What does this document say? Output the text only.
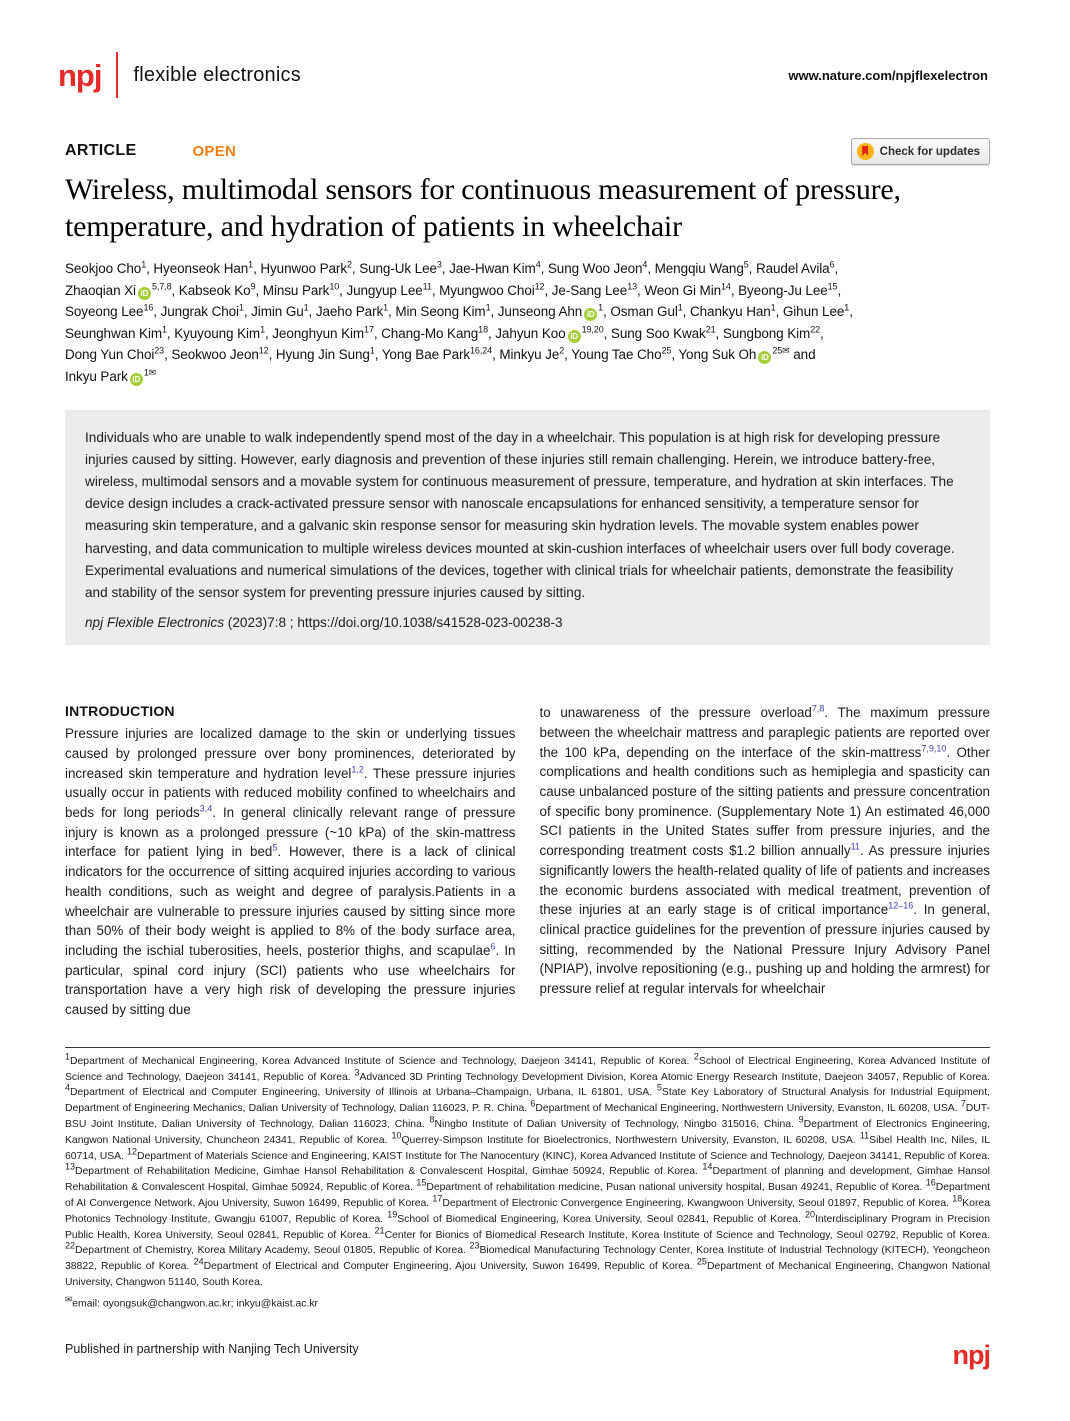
npj flexible electronics	www.nature.com/npjflexelectron
ARTICLE	OPEN	Check for updates
Wireless, multimodal sensors for continuous measurement of pressure, temperature, and hydration of patients in wheelchair
Seokjoo Cho$^1$, Hyeonseok Han$^1$, Hyunwoo Park$^2$, Sung-Uk Lee$^3$, Jae-Hwan Kim$^4$, Sung Woo Jeon$^4$, Mengqiu Wang$^5$, Raudel Avila$^6$,
Zhaoqian Xi iD$^{5,7,8}$, Kabseok Ko$^9$, Minsu Park$^{10}$, Jungyup Lee$^{11}$, Myungwoo Choi$^{12}$, Je-Sang Lee$^{13}$, Weon Gi Min$^{14}$, Byeong-Ju Lee$^{15}$,
Soyeong Lee$^{16}$, Jungrak Choi$^1$, Jimin Gu$^1$, Jaeho Park$^1$, Min Seong Kim$^1$, Junseong Ahn $iD^1$, Osman Gul$^1$, Chankyu Han$^1$, Gihun Lee$^1$,
Seunghwan Kim$^1$, Kyuyoung Kim$^1$, Jeonghyun Kim$^{17}$, Chang-Mo Kang$^{18}$, Jahyun Koo iD$^{19,20}$, Sung Soo Kwak$^{21}$, Sungbong Kim$^{22}$,
Dong Yun Choi$^{23}$, Seokwoo Jeon$^{12}$, Hyung Jin Sung$^1$, Yong Bae Park$^{16,24}$, Minkyu Je$^2$, Young Tae Cho$^{25}$, Yong Suk Oh $iD^{25✉}$ and
Inkyu Park $iD^{1✉}$
Individuals who are unable to walk independently spend most of the day in a wheelchair. This population is at high risk for developing pressure injuries caused by sitting. However, early diagnosis and prevention of these injuries still remain challenging. Herein, we introduce battery-free, wireless, multimodal sensors and a movable system for continuous measurement of pressure, temperature, and hydration at skin interfaces. The device design includes a crack-activated pressure sensor with nanoscale encapsulations for enhanced sensitivity, a temperature sensor for measuring skin temperature, and a galvanic skin response sensor for measuring skin hydration levels. The movable system enables power harvesting, and data communication to multiple wireless devices mounted at skin-cushion interfaces of wheelchair users over full body coverage. Experimental evaluations and numerical simulations of the devices, together with clinical trials for wheelchair patients, demonstrate the feasibility and stability of the sensor system for preventing pressure injuries caused by sitting.
npj Flexible Electronics (2023)7:8 ; https://doi.org/10.1038/s41528-023-00238-3
INTRODUCTION
Pressure injuries are localized damage to the skin or underlying tissues caused by prolonged pressure over bony prominences, deteriorated by increased skin temperature and hydration level$^{1,2}$. These pressure injuries usually occur in patients with reduced mobility confined to wheelchairs and beds for long periods$^{3,4}$. In general clinically relevant range of pressure injury is known as a prolonged pressure (~10 kPa) of the skin-mattress interface for patient lying in bed$^5$. However, there is a lack of clinical indicators for the occurrence of sitting acquired injuries according to various health conditions, such as weight and degree of paralysis.Patients in a wheelchair are vulnerable to pressure injuries caused by sitting since more than 50% of their body weight is applied to 8% of the body surface area, including the ischial tuberosities, heels, posterior thighs, and scapulae$^6$. In particular, spinal cord injury (SCI) patients who use wheelchairs for transportation have a very high risk of developing the pressure injuries caused by sitting due
to unawareness of the pressure overload$^{7,8}$. The maximum pressure between the wheelchair mattress and paraplegic patients are reported over the 100 kPa, depending on the interface of the skin-mattress$^{7,9,10}$. Other complications and health conditions such as hemiplegia and spasticity can cause unbalanced posture of the sitting patients and pressure concentration of specific bony prominence. (Supplementary Note 1) An estimated 46,000 SCI patients in the United States suffer from pressure injuries, and the corresponding treatment costs $1.2 billion annually$^{11}$. As pressure injuries significantly lowers the health-related quality of life of patients and increases the economic burdens associated with medical treatment, prevention of these injuries at an early stage is of critical importance$^{12-16}$. In general, clinical practice guidelines for the prevention of pressure injuries caused by sitting, recommended by the National Pressure Injury Advisory Panel (NPIAP), involve repositioning (e.g., pushing up and holding the armrest) for pressure relief at regular intervals for wheelchair
$^1$Department of Mechanical Engineering, Korea Advanced Institute of Science and Technology, Daejeon 34141, Republic of Korea. $^2$School of Electrical Engineering, Korea Advanced Institute of Science and Technology, Daejeon 34141, Republic of Korea. $^3$Advanced 3D Printing Technology Development Division, Korea Atomic Energy Research Institute, Daejeon 34057, Republic of Korea. $^4$Department of Electrical and Computer Engineering, University of Illinois at Urbana–Champaign, Urbana, IL 61801, USA. $^5$State Key Laboratory of Structural Analysis for Industrial Equipment, Department of Engineering Mechanics, Dalian University of Technology, Dalian 116023, P. R. China. $^6$Department of Mechanical Engineering, Northwestern University, Evanston, IL 60208, USA. $^7$DUT-BSU Joint Institute, Dalian University of Technology, Dalian 116023, China. $^8$Ningbo Institute of Dalian University of Technology, Ningbo 315016, China. $^9$Department of Electronics Engineering, Kangwon National University, Chuncheon 24341, Republic of Korea. $^{10}$Querrey-Simpson Institute for Bioelectronics, Northwestern University, Evanston, IL 60208, USA. $^{11}$Sibel Health Inc, Niles, IL 60714, USA. $^{12}$Department of Materials Science and Engineering, KAIST Institute for The Nanocentury (KINC), Korea Advanced Institute of Science and Technology, Daejeon 34141, Republic of Korea. $^{13}$Department of Rehabilitation Medicine, Gimhae Hansol Rehabilitation & Convalescent Hospital, Gimhae 50924, Republic of Korea. $^{14}$Department of planning and development, Gimhae Hansol Rehabilitation & Convalescent Hospital, Gimhae 50924, Republic of Korea. $^{15}$Department of rehabilitation medicine, Pusan national university hospital, Busan 49241, Republic of Korea. $^{16}$Department of AI Convergence Network, Ajou University, Suwon 16499, Republic of Korea. $^{17}$Department of Electronic Convergence Engineering, Kwangwoon University, Seoul 01897, Republic of Korea. $^{18}$Korea Photonics Technology Institute, Gwangju 61007, Republic of Korea. $^{19}$School of Biomedical Engineering, Korea University, Seoul 02841, Republic of Korea. $^{20}$Interdisciplinary Program in Precision Public Health, Korea University, Seoul 02841, Republic of Korea. $^{21}$Center for Bionics of Biomedical Research Institute, Korea Institute of Science and Technology, Seoul 02792, Republic of Korea. $^{22}$Department of Chemistry, Korea Military Academy, Seoul 01805, Republic of Korea. $^{23}$Biomedical Manufacturing Technology Center, Korea Institute of Industrial Technology (KITECH), Yeongcheon 38822, Republic of Korea. $^{24}$Department of Electrical and Computer Engineering, Ajou University, Suwon 16499, Republic of Korea. $^{25}$Department of Mechanical Engineering, Changwon National University, Changwon 51140, South Korea.
✉email: oyongsuk@changwon.ac.kr; inkyu@kaist.ac.kr
Published in partnership with Nanjing Tech University	npj
